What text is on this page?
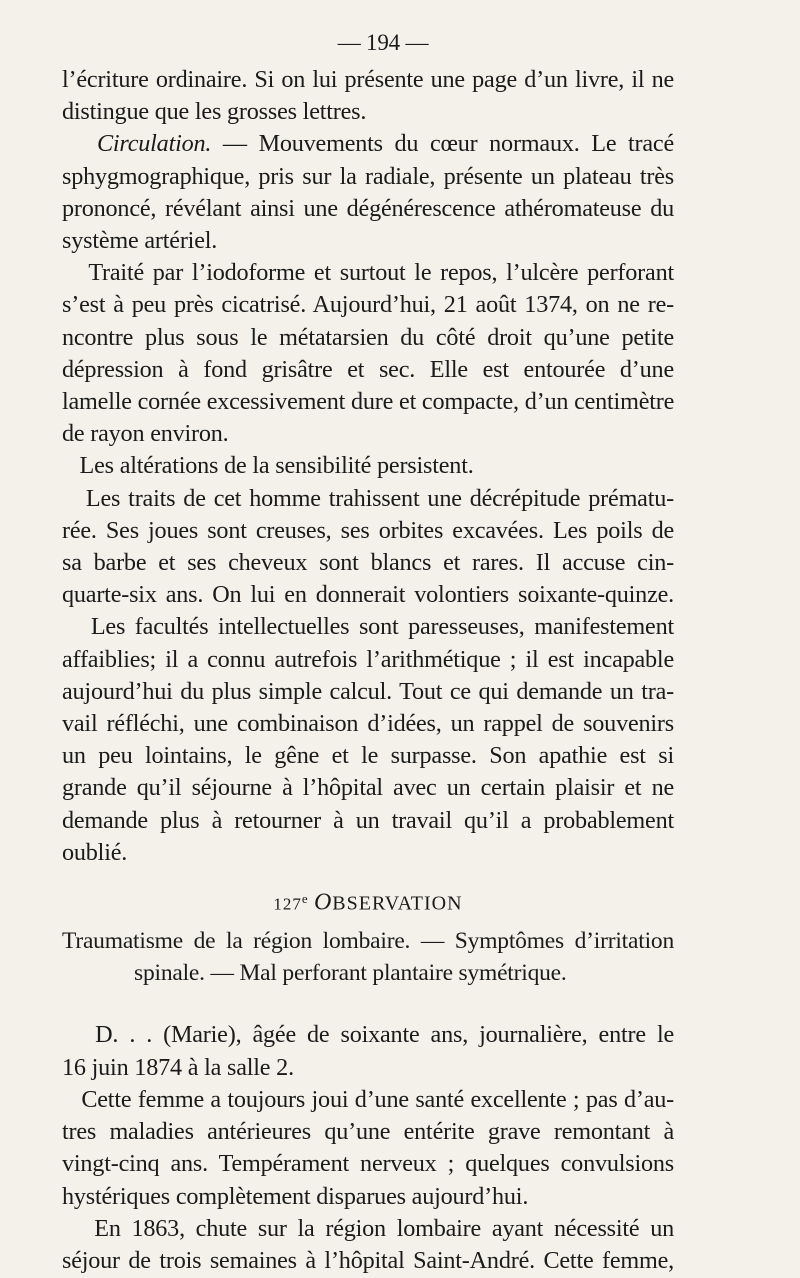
— 194 —
l’écriture ordinaire. Si on lui présente une page d’un livre, il ne
distingue que les grosses lettres.
Circulation. — Mouvements du cœur normaux. Le tracé
sphygmographique, pris sur la radiale, présente un plateau très
prononcé, révélant ainsi une dégénérescence athéromateuse du
système artériel.
Traité par l’iodoforme et surtout le repos, l’ulcère perforant
s’est à peu près cicatrisé. Aujourd’hui, 21 août 1374, on ne re-
ncontre plus sous le métatarsien du côté droit qu’une petite
dépression à fond grisâtre et sec. Elle est entourée d’une
lamelle cornée excessivement dure et compacte, d’un centimètre
de rayon environ.
Les altérations de la sensibilité persistent.
Les traits de cet homme trahissent une décrépitude prématu-
rée. Ses joues sont creuses, ses orbites excavées. Les poils de
sa barbe et ses cheveux sont blancs et rares. Il accuse cin-
quarte-six ans. On lui en donnerait volontiers soixante-quinze.
Les facultés intellectuelles sont paresseuses, manifestement
affaiblies; il a connu autrefois l’arithmétique ; il est incapable
aujourd’hui du plus simple calcul. Tout ce qui demande un tra-
vail réfléchi, une combinaison d’idées, un rappel de souvenirs
un peu lointains, le gêne et le surpasse. Son apathie est si
grande qu’il séjourne à l’hôpital avec un certain plaisir et ne
demande plus à retourner à un travail qu’il a probablement
oublié.
127e OBSERVATION
Traumatisme de la région lombaire. — Symptômes d’irritation
spinale. — Mal perforant plantaire symétrique.
D. . . (Marie), âgée de soixante ans, journalière, entre le
16 juin 1874 à la salle 2.
Cette femme a toujours joui d’une santé excellente ; pas d’au-
tres maladies antérieures qu’une entérite grave remontant à
vingt-cinq ans. Tempérament nerveux ; quelques convulsions
hystériques complètement disparues aujourd’hui.
En 1863, chute sur la région lombaire ayant nécessité un
séjour de trois semaines à l’hôpital Saint-André. Cette femme,
